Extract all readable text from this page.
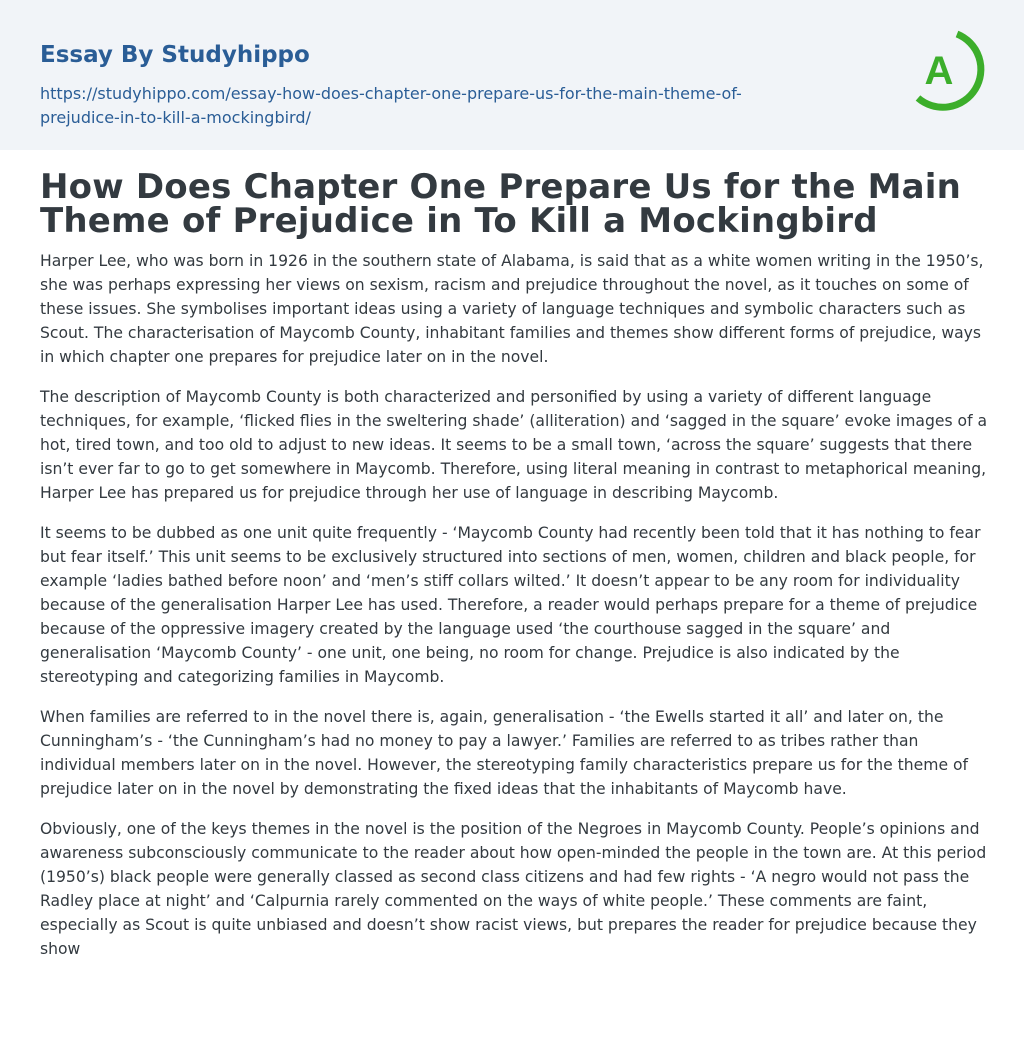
Essay By Studyhippo
https://studyhippo.com/essay-how-does-chapter-one-prepare-us-for-the-main-theme-of-prejudice-in-to-kill-a-mockingbird/
A
How Does Chapter One Prepare Us for the Main Theme of Prejudice in To Kill a Mockingbird

Harper Lee, who was born in 1926 in the southern state of Alabama, is said that as a white women writing in the 1950’s, she was perhaps expressing her views on sexism, racism and prejudice throughout the novel, as it touches on some of these issues. She symbolises important ideas using a variety of language techniques and symbolic characters such as Scout. The characterisation of Maycomb County, inhabitant families and themes show different forms of prejudice, ways in which chapter one prepares for prejudice later on in the novel.

The description of Maycomb County is both characterized and personified by using a variety of different language techniques, for example, ‘flicked flies in the sweltering shade’ (alliteration) and ‘sagged in the square’ evoke images of a hot, tired town, and too old to adjust to new ideas. It seems to be a small town, ‘across the square’ suggests that there isn’t ever far to go to get somewhere in Maycomb. Therefore, using literal meaning in contrast to metaphorical meaning, Harper Lee has prepared us for prejudice through her use of language in describing Maycomb.

It seems to be dubbed as one unit quite frequently - ‘Maycomb County had recently been told that it has nothing to fear but fear itself.’ This unit seems to be exclusively structured into sections of men, women, children and black people, for example ‘ladies bathed before noon’ and ‘men’s stiff collars wilted.’ It doesn’t appear to be any room for individuality because of the generalisation Harper Lee has used. Therefore, a reader would perhaps prepare for a theme of prejudice because of the oppressive imagery created by the language used ‘the courthouse sagged in the square’ and generalisation ‘Maycomb County’ - one unit, one being, no room for change. Prejudice is also indicated by the stereotyping and categorizing families in Maycomb.

When families are referred to in the novel there is, again, generalisation - ‘the Ewells started it all’ and later on, the Cunningham’s - ‘the Cunningham’s had no money to pay a lawyer.’ Families are referred to as tribes rather than individual members later on in the novel. However, the stereotyping family characteristics prepare us for the theme of prejudice later on in the novel by demonstrating the fixed ideas that the inhabitants of Maycomb have.

Obviously, one of the keys themes in the novel is the position of the Negroes in Maycomb County. People’s opinions and awareness subconsciously communicate to the reader about how open-minded the people in the town are. At this period (1950’s) black people were generally classed as second class citizens and had few rights - ‘A negro would not pass the Radley place at night’ and ‘Calpurnia rarely commented on the ways of white people.’ These comments are faint, especially as Scout is quite unbiased and doesn’t show racist views, but prepares the reader for prejudice because they show
